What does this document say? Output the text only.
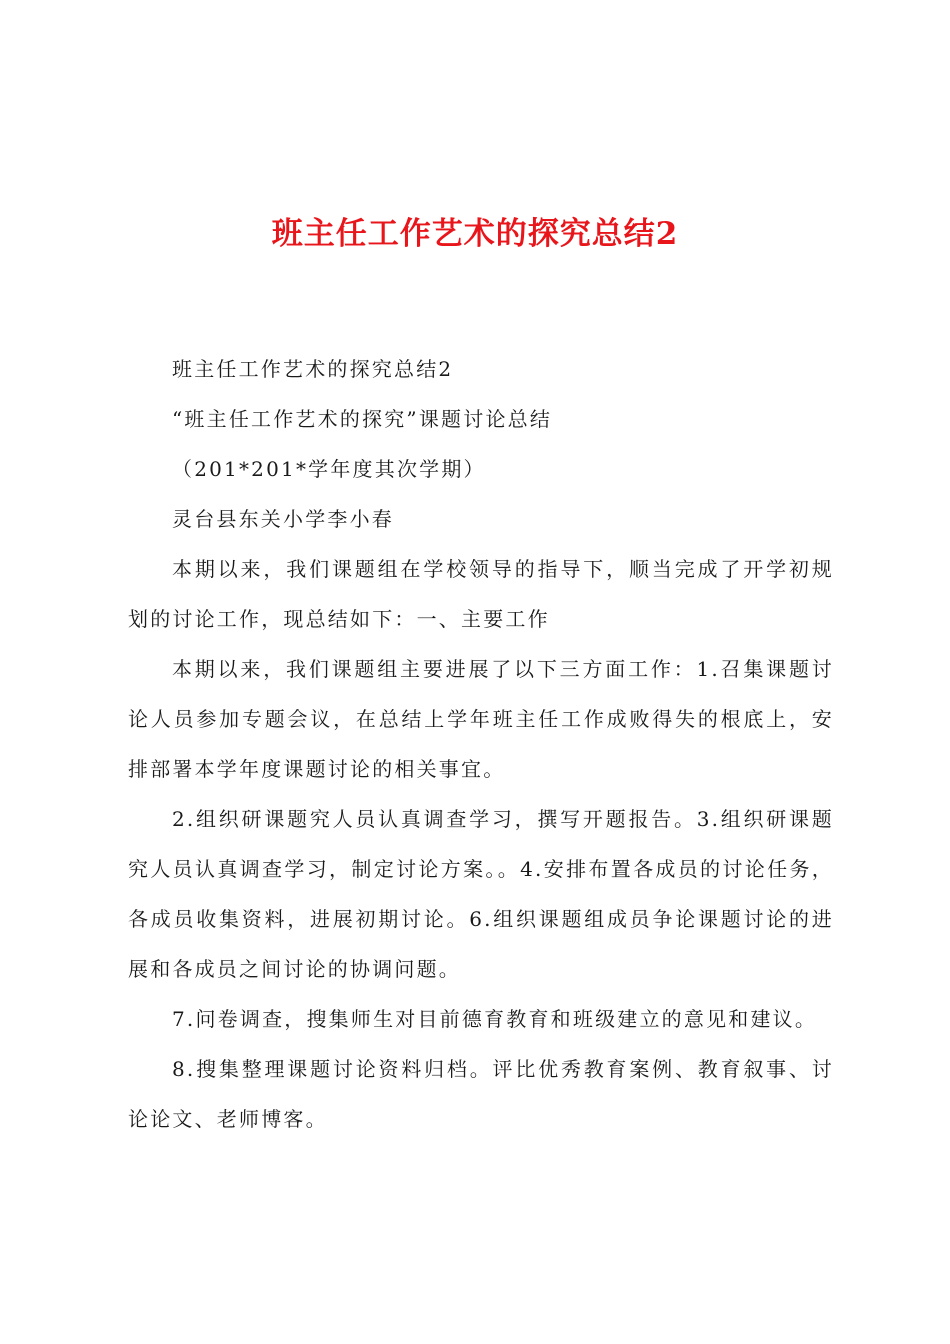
班主任工作艺术的探究总结2

班主任工作艺术的探究总结2

“班主任工作艺术的探究”课题讨论总结

（201*201*学年度其次学期）

灵台县东关小学李小春

本期以来，我们课题组在学校领导的指导下，顺当完成了开学初规划的讨论工作，现总结如下：一、主要工作

本期以来，我们课题组主要进展了以下三方面工作：1.召集课题讨论人员参加专题会议，在总结上学年班主任工作成败得失的根底上，安排部署本学年度课题讨论的相关事宜。

2.组织研课题究人员认真调查学习，撰写开题报告。3.组织研课题究人员认真调查学习，制定讨论方案。。4.安排布置各成员的讨论任务，各成员收集资料，进展初期讨论。6.组织课题组成员争论课题讨论的进展和各成员之间讨论的协调问题。

7.问卷调查，搜集师生对目前德育教育和班级建立的意见和建议。

8.搜集整理课题讨论资料归档。评比优秀教育案例、教育叙事、讨论论文、老师博客。
